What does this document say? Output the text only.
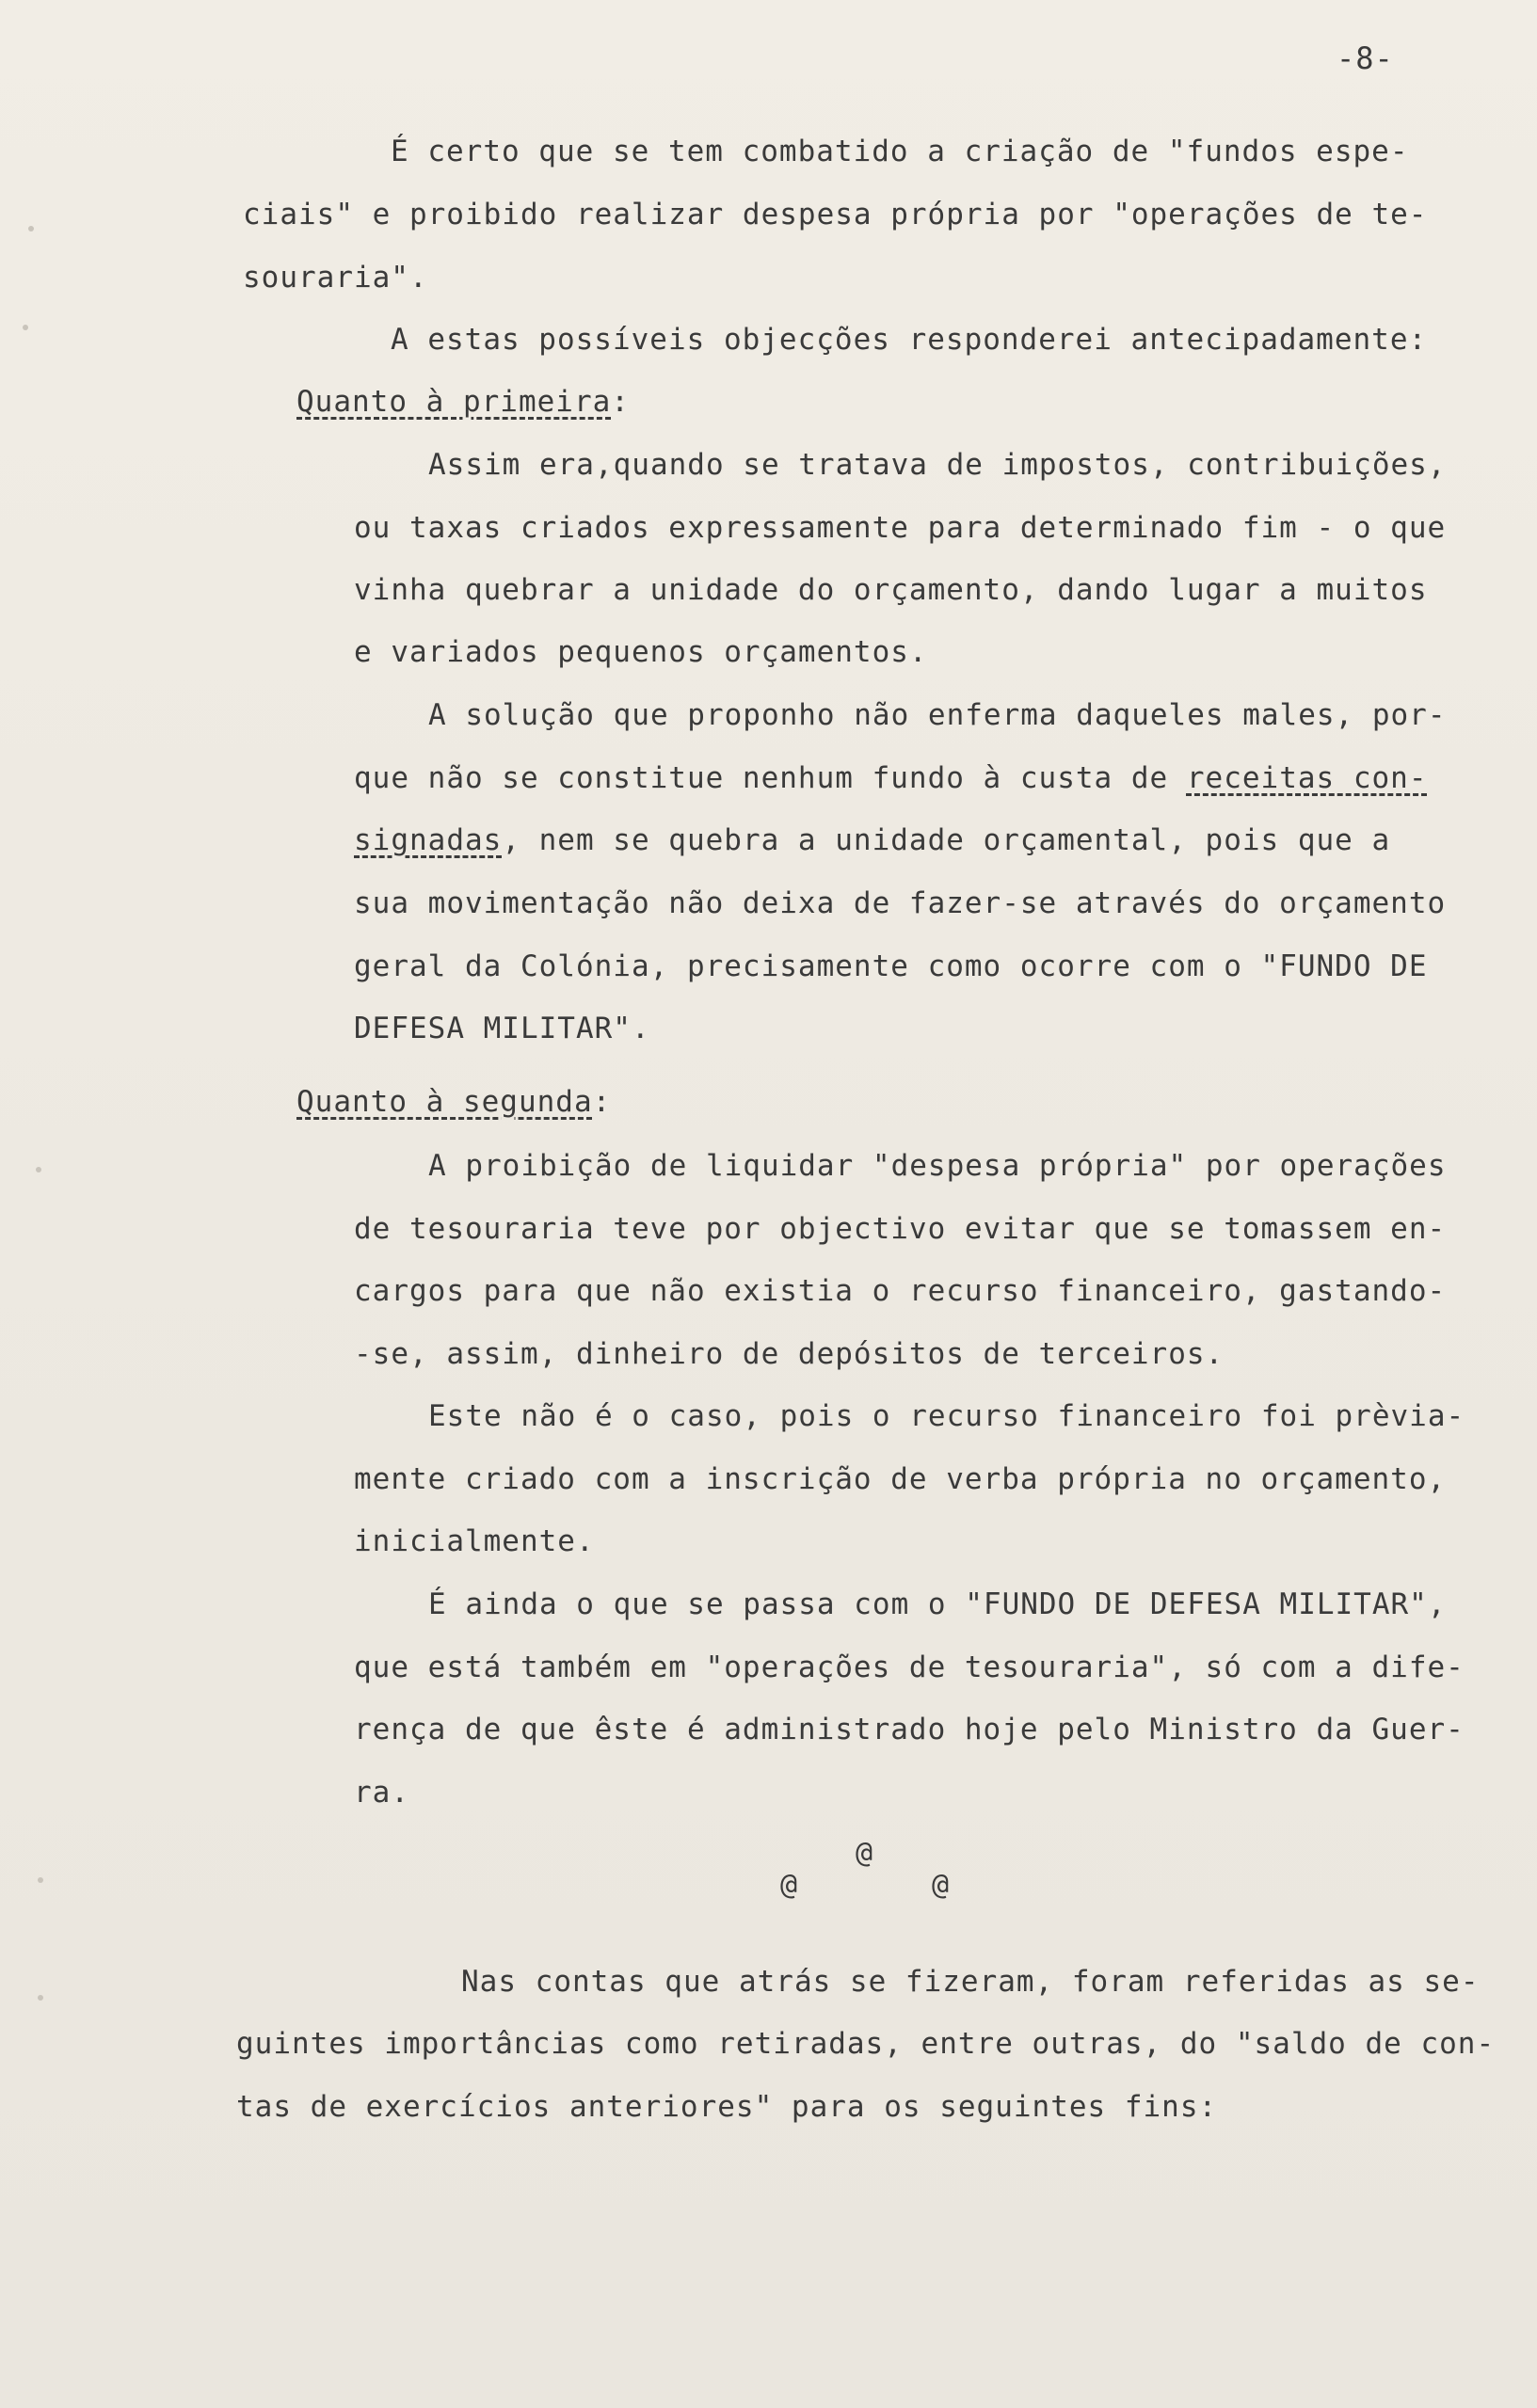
-8-
É certo que se tem combatido a criação de "fundos espe-
ciais" e proibido realizar despesa própria por "operações de te-
souraria".
A estas possíveis objecções responderei antecipadamente:
Quanto à primeira:
Assim era,quando se tratava de impostos, contribuições,
ou taxas criados expressamente para determinado fim - o que
vinha quebrar a unidade do orçamento, dando lugar a muitos
e variados pequenos orçamentos.
A solução que proponho não enferma daqueles males, por-
que não se constitue nenhum fundo à custa de receitas con-
signadas, nem se quebra a unidade orçamental, pois que a
sua movimentação não deixa de fazer-se através do orçamento
geral da Colónia, precisamente como ocorre com o "FUNDO DE
DEFESA MILITAR".
Quanto à segunda:
A proibição de liquidar "despesa própria" por operações
de tesouraria teve por objectivo evitar que se tomassem en-
cargos para que não existia o recurso financeiro, gastando-
-se, assim, dinheiro de depósitos de terceiros.
Este não é o caso, pois o recurso financeiro foi prèvia-
mente criado com a inscrição de verba própria no orçamento,
inicialmente.
É ainda o que se passa com o "FUNDO DE DEFESA MILITAR",
que está também em "operações de tesouraria", só com a dife-
rença de que êste é administrado hoje pelo Ministro da Guer-
ra.
@
@	@
Nas contas que atrás se fizeram, foram referidas as se-
guintes importâncias como retiradas, entre outras, do "saldo de con-
tas de exercícios anteriores" para os seguintes fins:
